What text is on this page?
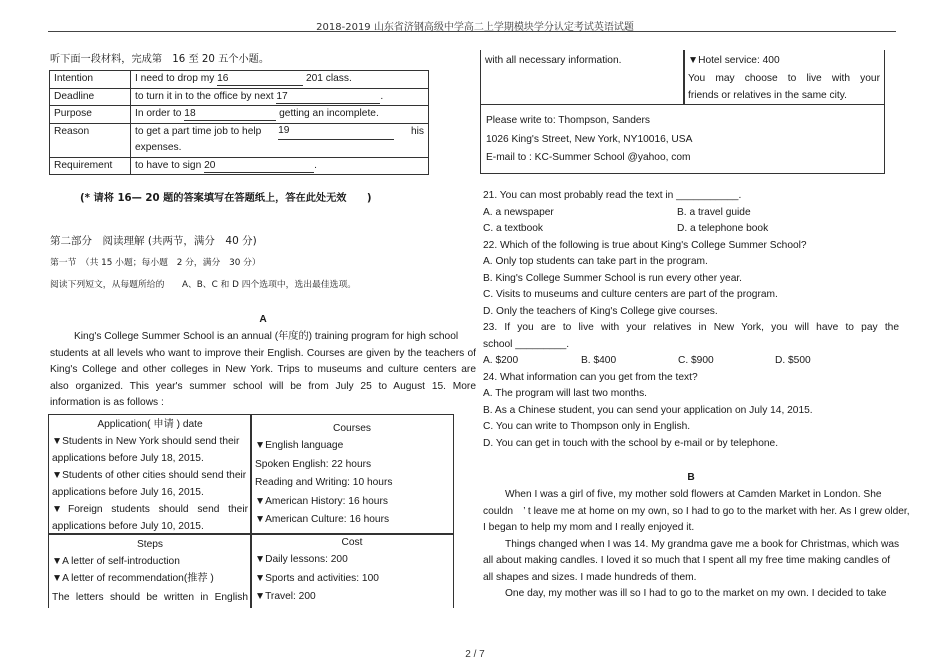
2018-2019 山东省济钢高级中学高二上学期模块学分认定考试英语试题
听下面一段材料，完成第　16 至 20 五个小题。
Intention	I need to drop my 16 201 class.
Deadline	to turn it in to the office by next 17 .
Purpose	In order to 18 getting an incomplete.
Reason	to get a part time job to help 19 his
expenses.

Requirement	to have to sign 20 .
(* 请将 16— 20 题的答案填写在答题纸上，答在此处无效　　)
第二部分　阅读理解 (共两节，满分　40 分)
第一节　（共 15 小题；每小题　2 分，满分　30 分）
阅读下列短文，从每题所给的　　A、B、C 和 D 四个选项中，选出最佳选项。
A
King's College Summer School is an annual (年度的) training program for high school
students at all levels who want to improve their English. Courses are given by the teachers of
King's College and other colleges in New York. Trips to museums and culture centers are
also organized. This year's summer school will be from July 25 to August 15. More
information is as follows :
Application( 申请 ) date
▼Students in New York should send their
applications before July 18, 2015.
▼Students of other cities should send their
applications before July 16, 2015.
▼Foreign students should send their
applications before July 10, 2015.
Courses
▼English language
Spoken English: 22 hours
Reading and Writing: 10 hours
▼American History: 16 hours
▼American Culture: 16 hours
Steps
▼A letter of self-introduction
▼A letter of recommendation(推荐 )
The letters should be written in English
Cost
▼Daily lessons: 200
▼Sports and activities: 100
▼Travel: 200
with all necessary information.	▼Hotel service: 400
You may choose to live with your
friends or relatives in the same city.
Please write to: Thompson, Sanders
1026 King's Street, New York, NY10016, USA
E-mail to : KC-Summer School @yahoo, com
21. You can most probably read the text in ___________.
A. a newspaper	B. a travel guide
C. a textbook	D. a telephone book
22. Which of the following is true about King's College Summer School?
A. Only top students can take part in the program.
B. King's College Summer School is run every other year.
C. Visits to museums and culture centers are part of the program.
D. Only the teachers of King's College give courses.
23. If you are to live with your relatives in New York, you will have to pay the
school _________.
A. $200	B. $400	C. $900	D. $500
24. What information can you get from the text?
A. The program will last two months.
B. As a Chinese student, you can send your application on July 14, 2015.
C. You can write to Thompson only in English.
D. You can get in touch with the school by e-mail or by telephone.
B
When I was a girl of five, my mother sold flowers at Camden Market in London. She
couldn　’ t leave me at home on my own, so I had to go to the market with her. As I grew older,
I began to help my mom and I really enjoyed it.
Things changed when I was 14. My grandma gave me a book for Christmas, which was
all about making candles. I loved it so much that I spent all my free time making candles of
all shapes and sizes. I made hundreds of them.
One day, my mother was ill so I had to go to the market on my own. I decided to take
2 / 7
